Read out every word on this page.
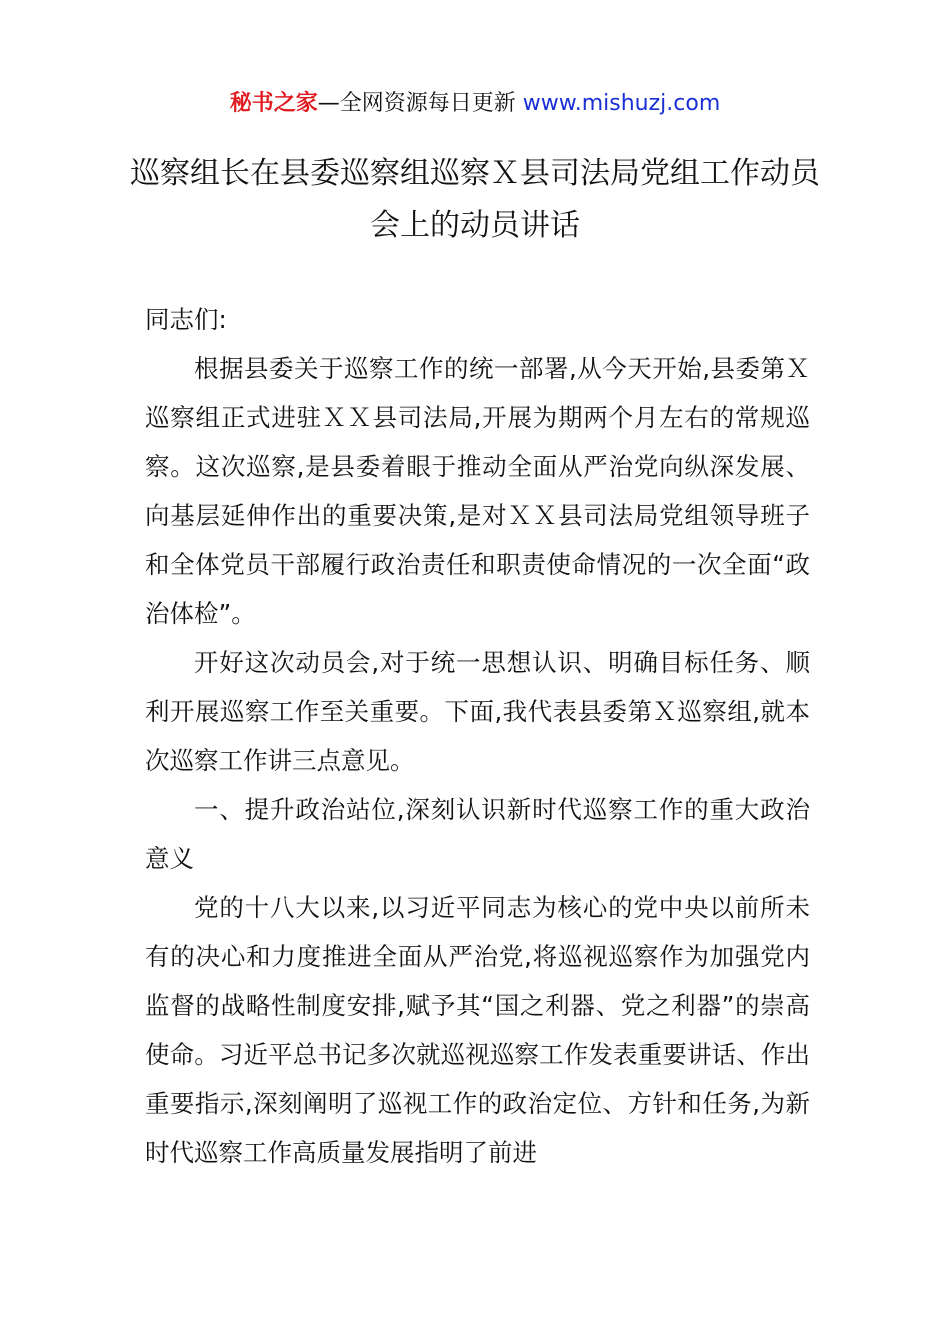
秘书之家—全网资源每日更新 www.mishuzj.com
巡察组长在县委巡察组巡察Ｘ县司法局党组工作动员会上的动员讲话

同志们:

根据县委关于巡察工作的统一部署,从今天开始,县委第Ｘ巡察组正式进驻ＸＸ县司法局,开展为期两个月左右的常规巡察。这次巡察,是县委着眼于推动全面从严治党向纵深发展、向基层延伸作出的重要决策,是对ＸＸ县司法局党组领导班子和全体党员干部履行政治责任和职责使命情况的一次全面“政治体检”。

开好这次动员会,对于统一思想认识、明确目标任务、顺利开展巡察工作至关重要。下面,我代表县委第Ｘ巡察组,就本次巡察工作讲三点意见。

一、提升政治站位,深刻认识新时代巡察工作的重大政治意义

党的十八大以来,以习近平同志为核心的党中央以前所未有的决心和力度推进全面从严治党,将巡视巡察作为加强党内监督的战略性制度安排,赋予其“国之利器、党之利器”的崇高使命。习近平总书记多次就巡视巡察工作发表重要讲话、作出重要指示,深刻阐明了巡视工作的政治定位、方针和任务,为新时代巡察工作高质量发展指明了前进
